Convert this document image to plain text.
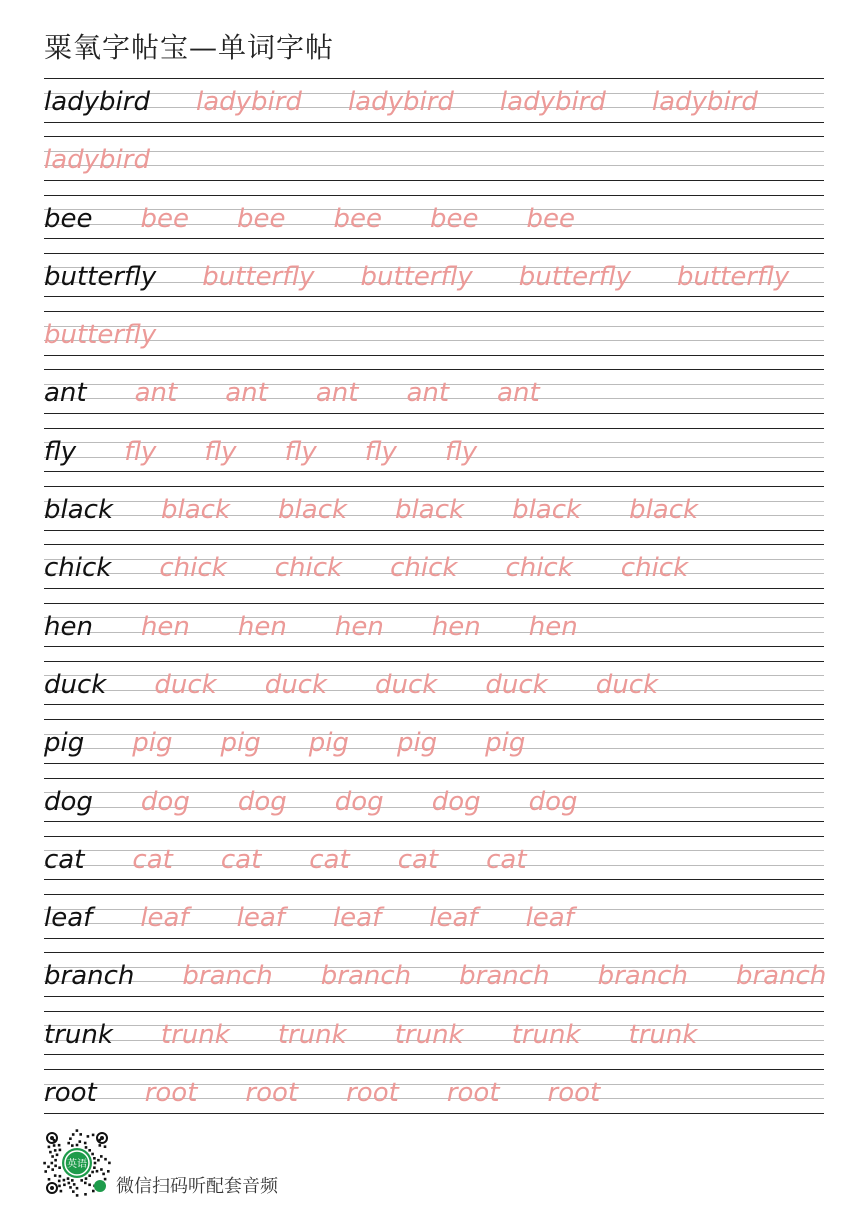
粟氧字帖宝—单词字帖
ladybird ladybird ladybird ladybird ladybird
ladybird
bee bee bee bee bee bee
butterfly butterfly butterfly butterfly butterfly
butterfly
ant ant ant ant ant ant
fly fly fly fly fly fly
black black black black black black
chick chick chick chick chick chick
hen hen hen hen hen hen
duck duck duck duck duck duck
pig pig pig pig pig pig
dog dog dog dog dog dog
cat cat cat cat cat cat
leaf leaf leaf leaf leaf leaf
branch branch branch branch branch branch
trunk trunk trunk trunk trunk trunk
root root root root root root
英语
微信扫码听配套音频
